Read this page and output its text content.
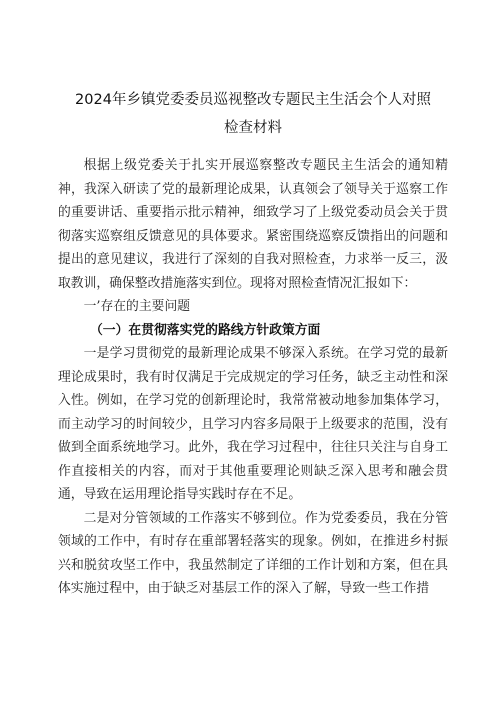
2024年乡镇党委委员巡视整改专题民主生活会个人对照
检查材料

根据上级党委关于扎实开展巡察整改专题民主生活会的通知精神，我深入研读了党的最新理论成果，认真领会了领导关于巡察工作的重要讲话、重要指示批示精神，细致学习了上级党委动员会关于贯彻落实巡察组反馈意见的具体要求。紧密围绕巡察反馈指出的问题和提出的意见建议，我进行了深刻的自我对照检查，力求举一反三，汲取教训，确保整改措施落实到位。现将对照检查情况汇报如下：

一’存在的主要问题

（一）在贯彻落实党的路线方针政策方面

一是学习贯彻党的最新理论成果不够深入系统。在学习党的最新理论成果时，我有时仅满足于完成规定的学习任务，缺乏主动性和深入性。例如，在学习党的创新理论时，我常常被动地参加集体学习，而主动学习的时间较少，且学习内容多局限于上级要求的范围，没有做到全面系统地学习。此外，我在学习过程中，往往只关注与自身工作直接相关的内容，而对于其他重要理论则缺乏深入思考和融会贯通，导致在运用理论指导实践时存在不足。

二是对分管领域的工作落实不够到位。作为党委委员，我在分管领域的工作中，有时存在重部署轻落实的现象。例如，在推进乡村振兴和脱贫攻坚工作中，我虽然制定了详细的工作计划和方案，但在具体实施过程中，由于缺乏对基层工作的深入了解，导致一些工作措
